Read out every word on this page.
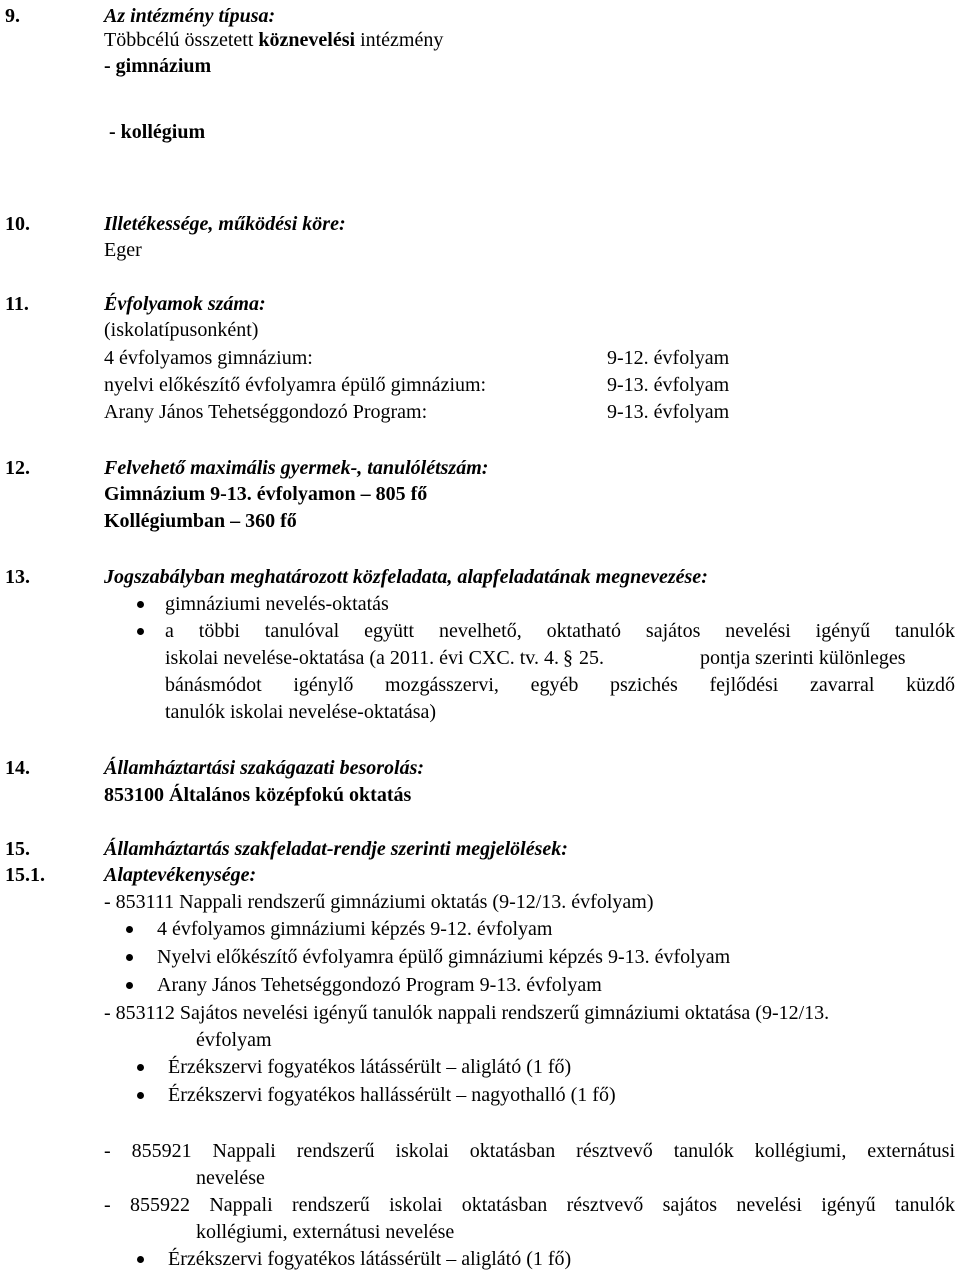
9.	Az intézmény típusa:
Többcélú összetett köznevelési intézmény
- gimnázium
- kollégium
10.	Illetékessége, működési köre:
Eger
11.	Évfolyamok száma:
(iskolatípusonként)
4 évfolyamos gimnázium:	9-12. évfolyam
nyelvi előkészítő évfolyamra épülő gimnázium:	9-13. évfolyam
Arany János Tehetséggondozó Program:	9-13. évfolyam
12.	Felvehető maximális gyermek-, tanulólétszám:
Gimnázium 9-13. évfolyamon – 805 fő
Kollégiumban – 360 fő
13.	Jogszabályban meghatározott közfeladata, alapfeladatának megnevezése:
gimnáziumi nevelés-oktatás
a többi tanulóval együtt nevelhető, oktatható sajátos nevelési igényű tanulók
iskolai nevelése-oktatása (a 2011. évi CXC. tv. 4. § 25.	pontja szerinti különleges
bánásmódot igénylő mozgásszervi, egyéb pszichés fejlődési zavarral küzdő
tanulók iskolai nevelése-oktatása)
14.	Államháztartási szakágazati besorolás:
853100 Általános középfokú oktatás
15.	Államháztartás szakfeladat-rendje szerinti megjelölések:
15.1.	Alaptevékenysége:
- 853111 Nappali rendszerű gimnáziumi oktatás (9-12/13. évfolyam)
4 évfolyamos gimnáziumi képzés 9-12. évfolyam
Nyelvi előkészítő évfolyamra épülő gimnáziumi képzés 9-13. évfolyam
Arany János Tehetséggondozó Program 9-13. évfolyam
- 853112 Sajátos nevelési igényű tanulók nappali rendszerű gimnáziumi oktatása (9-12/13.
évfolyam
Érzékszervi fogyatékos látássérült – aliglátó (1 fő)
Érzékszervi fogyatékos hallássérült – nagyothalló (1 fő)
- 855921 Nappali rendszerű iskolai oktatásban résztvevő tanulók kollégiumi, externátusi
nevelése
- 855922 Nappali rendszerű iskolai oktatásban résztvevő sajátos nevelési igényű tanulók
kollégiumi, externátusi nevelése
Érzékszervi fogyatékos látássérült – aliglátó (1 fő)
